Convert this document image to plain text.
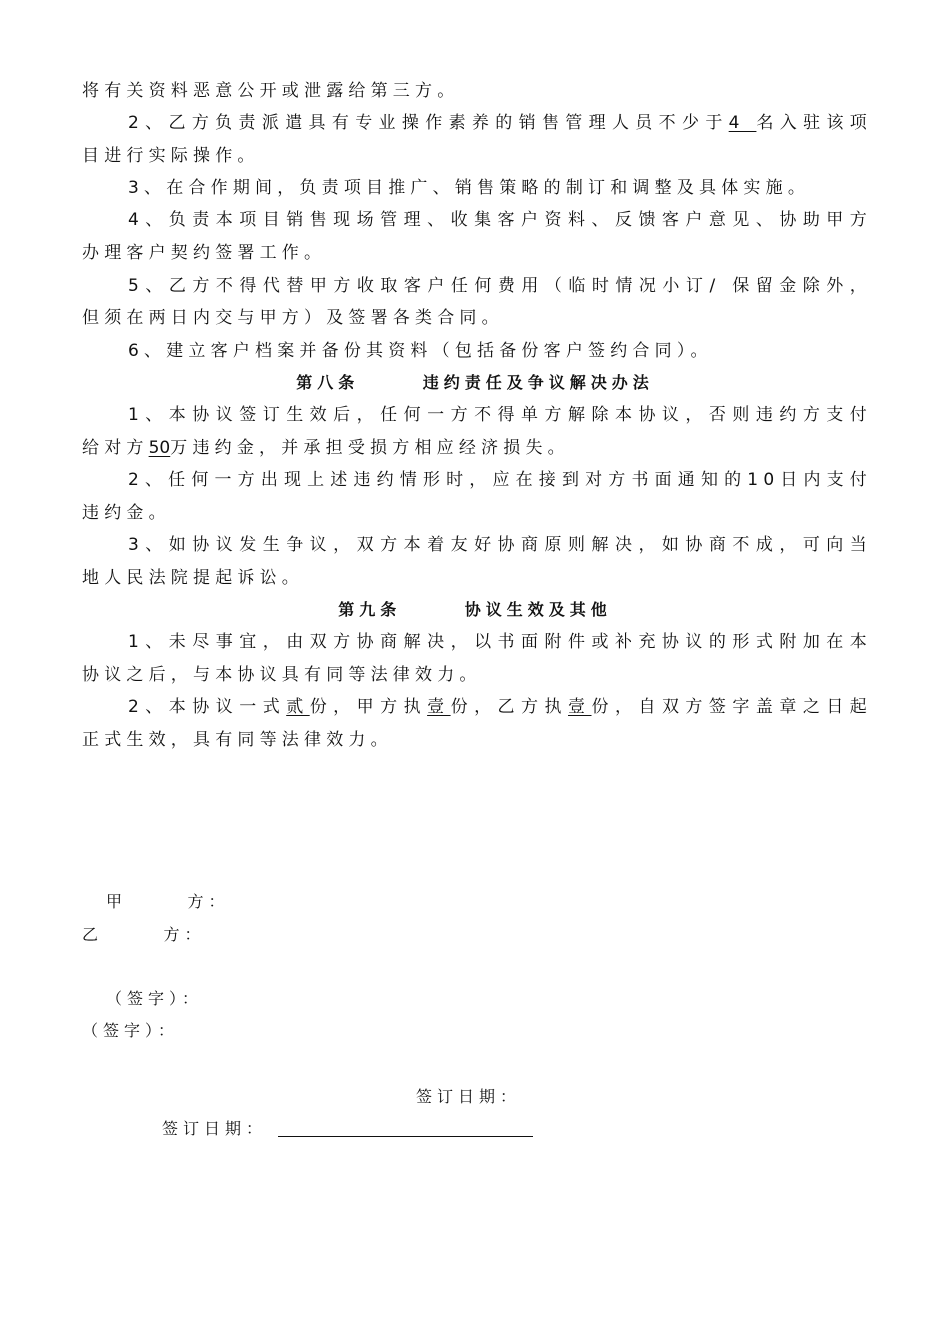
将有关资料恶意公开或泄露给第三方。
2、乙方负责派遣具有专业操作素养的销售管理人员不少于4 名入驻该项
目进行实际操作。
3、在合作期间，负责项目推广、销售策略的制订和调整及具体实施。
4、负责本项目销售现场管理、收集客户资料、反馈客户意见、协助甲方
办理客户契约签署工作。
5、乙方不得代替甲方收取客户任何费用（临时情况小订/ 保留金除外，
但须在两日内交与甲方）及签署各类合同。
6、建立客户档案并备份其资料（包括备份客户签约合同）。
第八条      违约责任及争议解决办法
1、本协议签订生效后，任何一方不得单方解除本协议，否则违约方支付
给对方50万违约金，并承担受损方相应经济损失。
2、任何一方出现上述违约情形时，应在接到对方书面通知的10日内支付
违约金。
3、如协议发生争议，双方本着友好协商原则解决，如协商不成，可向当
地人民法院提起诉讼。
第九条      协议生效及其他
1、未尽事宜，由双方协商解决，以书面附件或补充协议的形式附加在本
协议之后，与本协议具有同等法律效力。
2、本协议一式贰份，甲方执壹份，乙方执壹份，自双方签字盖章之日起
正式生效，具有同等法律效力。
甲      方：
乙      方：
（签字）：
（签字）：
签订日期：
签订日期：
